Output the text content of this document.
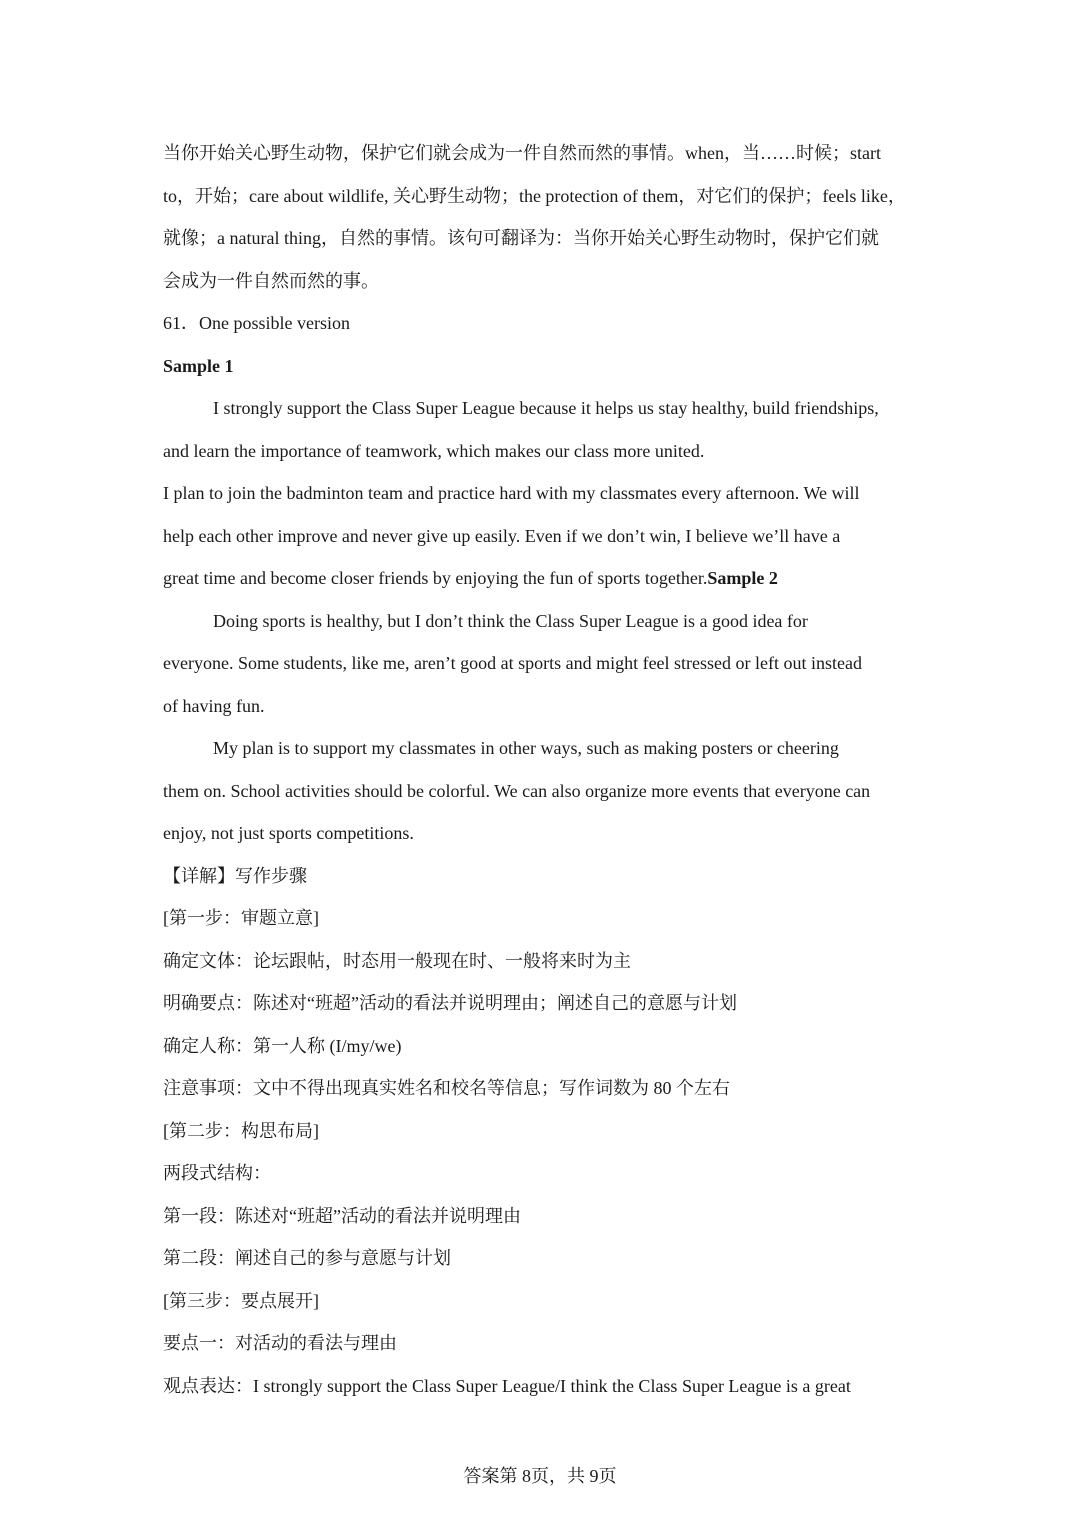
当你开始关心野生动物，保护它们就会成为一件自然而然的事情。when，当……时候；start
to，开始；care about wildlife, 关心野生动物；the protection of them，对它们的保护；feels like，
就像；a natural thing，自然的事情。该句可翻译为：当你开始关心野生动物时，保护它们就
会成为一件自然而然的事。
61．One possible version
Sample 1
I strongly support the Class Super League because it helps us stay healthy, build friendships,
and learn the importance of teamwork, which makes our class more united.
I plan to join the badminton team and practice hard with my classmates every afternoon. We will
help each other improve and never give up easily. Even if we don’t win, I believe we’ll have a
great time and become closer friends by enjoying the fun of sports together.Sample 2
Doing sports is healthy, but I don’t think the Class Super League is a good idea for
everyone. Some students, like me, aren’t good at sports and might feel stressed or left out instead
of having fun.
My plan is to support my classmates in other ways, such as making posters or cheering
them on. School activities should be colorful. We can also organize more events that everyone can
enjoy, not just sports competitions.
【详解】写作步骤
[第一步：审题立意]
确定文体：论坛跟帖，时态用一般现在时、一般将来时为主
明确要点：陈述对“班超”活动的看法并说明理由；阐述自己的意愿与计划
确定人称：第一人称 (I/my/we)
注意事项：文中不得出现真实姓名和校名等信息；写作词数为 80 个左右
[第二步：构思布局]
两段式结构：
第一段：陈述对“班超”活动的看法并说明理由
第二段：阐述自己的参与意愿与计划
[第三步：要点展开]
要点一：对活动的看法与理由
观点表达：I strongly support the Class Super League/I think the Class Super League is a great
答案第 8页，共 9页
